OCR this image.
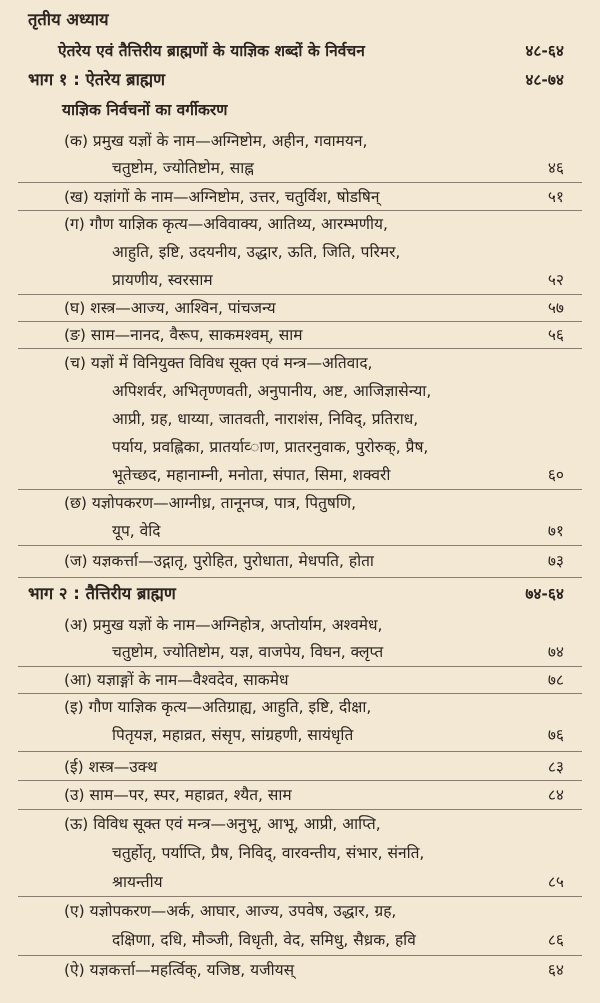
तृतीय अध्याय
ऐतरेय एवं तैत्तिरीय ब्राह्मणों के याज्ञिक शब्दों के निर्वचन	४८-६४
भाग १ : ऐतरेय ब्राह्मण	४८-७४
याज्ञिक निर्वचनों का वर्गीकरण
(क) प्रमुख यज्ञों के नाम—अग्निष्टोम, अहीन, गवामयन,
चतुष्टोम, ज्योतिष्टोम, साह्न	४६
(ख) यज्ञांगों के नाम—अग्निष्टोम, उत्तर, चतुर्विश, षोडषिन्	५१
(ग) गौण याज्ञिक कृत्य—अविवाक्य, आतिथ्य, आरम्भणीय,
आहुति, इष्टि, उदयनीय, उद्धार, ऊति, जिति, परिमर,
प्रायणीय, स्वरसाम	५२
(घ) शस्त्र—आज्य, आश्विन, पांचजन्य	५७
(ङ) साम—नानद, वैरूप, साकमश्वम्, साम	५६
(च) यज्ञों में विनियुक्त विविध सूक्त एवं मन्त्र—अतिवाद,
अपिशर्वर, अभितृण्णवती, अनुपानीय, अष्ट, आजिज्ञासेन्या,
आप्री, ग्रह, धाय्या, जातवती, नाराशंस, निविद्, प्रतिराध,
पर्याय, प्रवह्लिका, प्रातर्याव्‍ाण, प्रातरनुवाक, पुरोरुक्, प्रैष,
भूतेच्छद, महानाम्नी, मनोता, संपात, सिमा, शक्वरी	६०
(छ) यज्ञोपकरण—आग्नीध्र, तानूनप्त्र, पात्र, पितुषणि,
यूप, वेदि	७१
(ज) यज्ञकर्त्ता—उद्गातृ, पुरोहित, पुरोधाता, मेधपति, होता	७३
भाग २ : तैत्तिरीय ब्राह्मण	७४-६४
(अ) प्रमुख यज्ञों के नाम—अग्निहोत्र, अप्तोर्याम, अश्वमेध,
चतुष्टोम, ज्योतिष्टोम, यज्ञ, वाजपेय, विघन, क्लृप्त	७४
(आ) यज्ञाङ्गों के नाम—वैश्वदेव, साकमेध	७८
(इ) गौण याज्ञिक कृत्य—अतिग्राह्य, आहुति, इष्टि, दीक्षा,
पितृयज्ञ, महाव्रत, संसृप, सांग्रहणी, सायंधृति	७६
(ई) शस्त्र—उक्थ	८३
(उ) साम—पर, स्पर, महाव्रत, श्यैत, साम	८४
(ऊ) विविध सूक्त एवं मन्त्र—अनुभू, आभू, आप्री, आप्ति,
चतुर्होतृ, पर्याप्ति, प्रैष, निविद्, वारवन्तीय, संभार, संनति,
श्रायन्तीय	८५
(ए) यज्ञोपकरण—अर्क, आघार, आज्य, उपवेष, उद्धार, ग्रह,
दक्षिणा, दधि, मौञ्जी, विधृती, वेद, समिधु, सैध्रक, हवि	८६
(ऐ) यज्ञकर्त्ता—महर्त्विक्, यजिष्ठ, यजीयस्	६४
